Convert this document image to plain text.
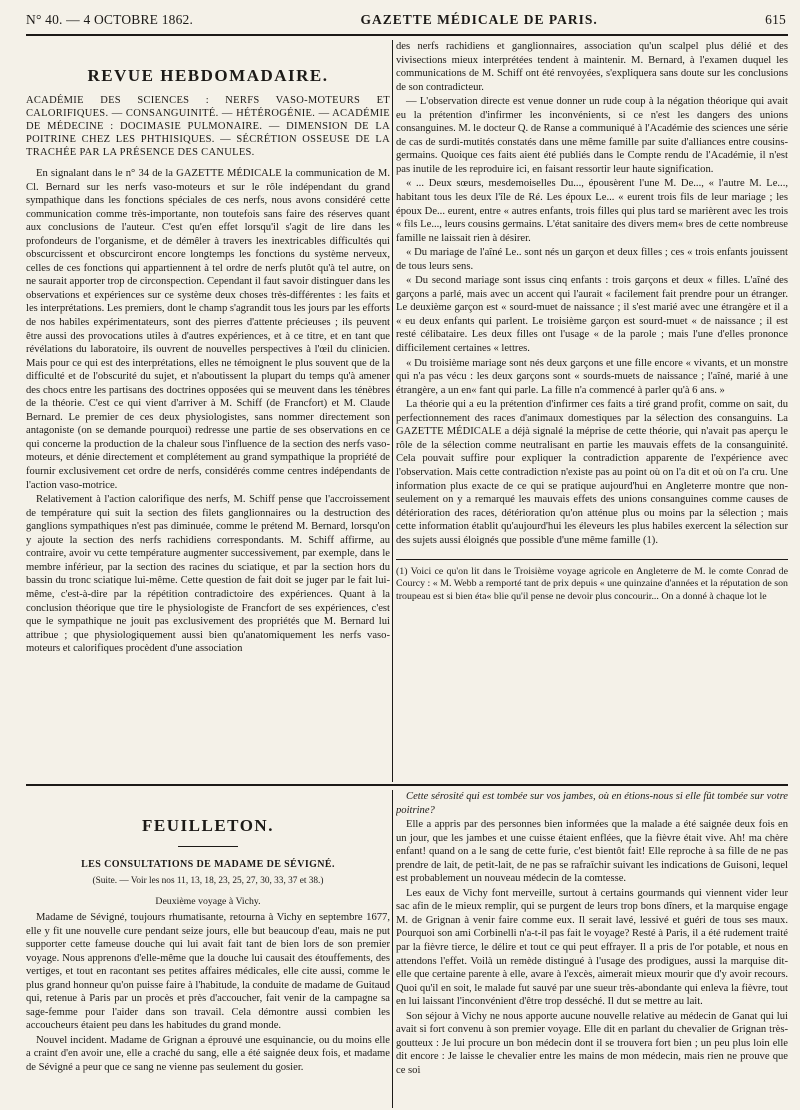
N° 40. — 4 OCTOBRE 1862.	GAZETTE MÉDICALE DE PARIS.	615
REVUE HEBDOMADAIRE.
ACADÉMIE DES SCIENCES : NERFS VASO-MOTEURS ET CALORIFIQUES. — CONSANGUINITÉ. — HÉTÉROGÉNIE. — ACADÉMIE DE MÉDECINE : DOCIMASIE PULMONAIRE. — DIMENSION DE LA POITRINE CHEZ LES PHTHISIQUES. — SÉCRÉTION OSSEUSE DE LA TRACHÉE PAR LA PRÉSENCE DES CANULES.

En signalant dans le n° 34 de la GAZETTE MÉDICALE la communication de M. Cl. Bernard sur les nerfs vaso-moteurs et sur le rôle indépendant du grand sympathique dans les fonctions spéciales de ces nerfs, nous avons considéré cette communication comme très-importante, non toutefois sans faire des réserves quant aux conclusions de l'auteur. C'est qu'en effet lorsqu'il s'agit de lire dans les profondeurs de l'organisme, et de démêler à travers les inextricables difficultés qui obscurcissent et obscurciront encore longtemps les fonctions du système nerveux, celles de ces fonctions qui appartiennent à tel ordre de nerfs plutôt qu'à tel autre, on ne saurait apporter trop de circonspection. Cependant il faut savoir distinguer dans les observations et expériences sur ce système deux choses très-différentes : les faits et les interprétations. Les premiers, dont le champ s'agrandit tous les jours par les efforts de nos habiles expérimentateurs, sont des pierres d'attente précieuses ; ils peuvent être aussi des provocations utiles à d'autres expériences, et à ce titre, et en tant que révélations du laboratoire, ils ouvrent de nouvelles perspectives à l'œil du clinicien. Mais pour ce qui est des interprétations, elles ne témoignent le plus souvent que de la difficulté et de l'obscurité du sujet, et n'aboutissent la plupart du temps qu'à amener des chocs entre les partisans des doctrines opposées qui se meuvent dans les ténèbres de la théorie. C'est ce qui vient d'arriver à M. Schiff (de Francfort) et M. Claude Bernard. Le premier de ces deux physiologistes, sans nommer directement son antagoniste (on se demande pourquoi) redresse une partie de ses observations en ce qui concerne la production de la chaleur sous l'influence de la section des nerfs vaso-moteurs, et dénie directement et complétement au grand sympathique la propriété de fournir exclusivement cet ordre de nerfs, considérés comme centres indépendants de l'action vaso-motrice.

Relativement à l'action calorifique des nerfs, M. Schiff pense que l'accroissement de température qui suit la section des filets ganglionnaires ou la destruction des ganglions sympathiques n'est pas diminuée, comme le prétend M. Bernard, lorsqu'on y ajoute la section des nerfs rachidiens correspondants. M. Schiff affirme, au contraire, avoir vu cette température augmenter successivement, par exemple, dans le membre inférieur, par la section des racines du sciatique, et par la section hors du bassin du tronc sciatique lui-même. Cette question de fait doit se juger par le fait lui-même, c'est-à-dire par la répétition contradictoire des expériences. Quant à la conclusion théorique que tire le physiologiste de Francfort de ses expériences, c'est que le sympathique ne jouit pas exclusivement des propriétés que M. Bernard lui attribue ; que physiologiquement aussi bien qu'anatomiquement les nerfs vaso-moteurs et calorifiques procèdent d'une association

des nerfs rachidiens et ganglionnaires, association qu'un scalpel plus délié et des vivisections mieux interprétées tendent à maintenir. M. Bernard, à l'examen duquel les communications de M. Schiff ont été renvoyées, s'expliquera sans doute sur les conclusions de son contradicteur.

— L'observation directe est venue donner un rude coup à la négation théorique qui avait eu la prétention d'infirmer les inconvénients, si ce n'est les dangers des unions consanguines. M. le docteur Q. de Ranse a communiqué à l'Académie des sciences une série de cas de surdi-mutités constatés dans une même famille par suite d'alliances entre cousins-germains. Quoique ces faits aient été publiés dans le Compte rendu de l'Académie, il n'est pas inutile de les reproduire ici, en faisant ressortir leur haute signification.

« ... Deux sœurs, mesdemoiselles Du..., épousèrent l'une M. De..., « l'autre M. Le..., habitant tous les deux l'île de Ré. Les époux Le... « eurent trois fils de leur mariage ; les époux De... eurent, entre « autres enfants, trois filles qui plus tard se marièrent avec les trois « fils Le..., leurs cousins germains. L'état sanitaire des divers mem« bres de cette nombreuse famille ne laissait rien à désirer.

« Du mariage de l'aîné Le.. sont nés un garçon et deux filles ; ces « trois enfants jouissent de tous leurs sens.

« Du second mariage sont issus cinq enfants : trois garçons et deux « filles. L'aîné des garçons a parlé, mais avec un accent qui l'aurait « facilement fait prendre pour un étranger. Le deuxième garçon est « sourd-muet de naissance ; il s'est marié avec une étrangère et il a « eu deux enfants qui parlent. Le troisième garçon est sourd-muet « de naissance ; il est resté célibataire. Les deux filles ont l'usage « de la parole ; mais l'une d'elles prononce difficilement certaines « lettres.

« Du troisième mariage sont nés deux garçons et une fille encore « vivants, et un monstre qui n'a pas vécu : les deux garçons sont « sourds-muets de naissance ; l'aîné, marié à une étrangère, a un en« fant qui parle. La fille n'a commencé à parler qu'à 6 ans. »

La théorie qui a eu la prétention d'infirmer ces faits a tiré grand profit, comme on sait, du perfectionnement des races d'animaux domestiques par la sélection des consanguins. La GAZETTE MÉDICALE a déjà signalé la méprise de cette théorie, qui n'avait pas aperçu le rôle de la sélection comme neutralisant en partie les mauvais effets de la consanguinité. Cela pouvait suffire pour expliquer la contradiction apparente de l'expérience avec l'observation. Mais cette contradiction n'existe pas au point où on l'a dit et où on l'a cru. Une information plus exacte de ce qui se pratique aujourd'hui en Angleterre montre que non-seulement on y a remarqué les mauvais effets des unions consanguines comme causes de détérioration des races, détérioration qu'on atténue plus ou moins par la sélection ; mais cette information établit qu'aujourd'hui les éleveurs les plus habiles exercent la sélection sur des sujets aussi éloignés que possible d'une même famille (1).

(1) Voici ce qu'on lit dans le Troisième voyage agricole en Angleterre de M. le comte Conrad de Courcy : « M. Webb a remporté tant de prix depuis « une quinzaine d'années et la réputation de son troupeau est si bien éta« blie qu'il pense ne devoir plus concourir... On a donné à chaque lot le
FEUILLETON.
LES CONSULTATIONS DE MADAME DE SÉVIGNÉ.
(Suite. — Voir les nos 11, 13, 18, 23, 25, 27, 30, 33, 37 et 38.)
Deuxième voyage à Vichy.

Madame de Sévigné, toujours rhumatisante, retourna à Vichy en septembre 1677, elle y fit une nouvelle cure pendant seize jours, elle but beaucoup d'eau, mais ne put supporter cette fameuse douche qui lui avait fait tant de bien lors de son premier voyage. Nous apprenons d'elle-même que la douche lui causait des étouffements, des vertiges, et tout en racontant ses petites affaires médicales, elle cite aussi, comme le plus grand honneur qu'on puisse faire à l'habitude, la conduite de madame de Guitaud qui, retenue à Paris par un procès et près d'accoucher, fait venir de la campagne sa sage-femme pour l'aider dans son travail. Cela démontre aussi combien les accoucheurs étaient peu dans les habitudes du grand monde.

Nouvel incident. Madame de Grignan a éprouvé une esquinancie, ou du moins elle a craint d'en avoir une, elle a craché du sang, elle a été saignée deux fois, et madame de Sévigné a peur que ce sang ne vienne pas seulement du gosier.

Cette sérosité qui est tombée sur vos jambes, où en étions-nous si elle fût tombée sur votre poitrine?

Elle a appris par des personnes bien informées que la malade a été saignée deux fois en un jour, que les jambes et une cuisse étaient enflées, que la fièvre était vive. Ah! ma chère enfant! quand on a le sang de cette furie, c'est bientôt fait! Elle reproche à sa fille de ne pas prendre de lait, de petit-lait, de ne pas se rafraîchir suivant les indications de Guisoni, lequel est probablement un nouveau médecin de la comtesse.

Les eaux de Vichy font merveille, surtout à certains gourmands qui viennent vider leur sac afin de le mieux remplir, qui se purgent de leurs trop bons dîners, et la marquise engage M. de Grignan à venir faire comme eux. Il serait lavé, lessivé et guéri de tous ses maux. Pourquoi son ami Corbinelli n'a-t-il pas fait le voyage? Resté à Paris, il a été rudement traité par la fièvre tierce, le délire et tout ce qui peut effrayer. Il a pris de l'or potable, et nous en attendons l'effet. Voilà un remède distingué à l'usage des prodigues, aussi la marquise dit-elle que certaine parente à elle, avare à l'excès, aimerait mieux mourir que d'y avoir recours. Quoi qu'il en soit, le malade fut sauvé par une sueur très-abondante qui enleva la fièvre, tout en lui laissant l'inconvénient d'être trop desséché. Il dut se mettre au lait.

Son séjour à Vichy ne nous apporte aucune nouvelle relative au médecin de Ganat qui lui avait si fort convenu à son premier voyage. Elle dit en parlant du chevalier de Grignan très-goutteux : Je lui procure un bon médecin dont il se trouvera fort bien ; un peu plus loin elle dit encore : Je laisse le chevalier entre les mains de mon médecin, mais rien ne prouve que ce soi
